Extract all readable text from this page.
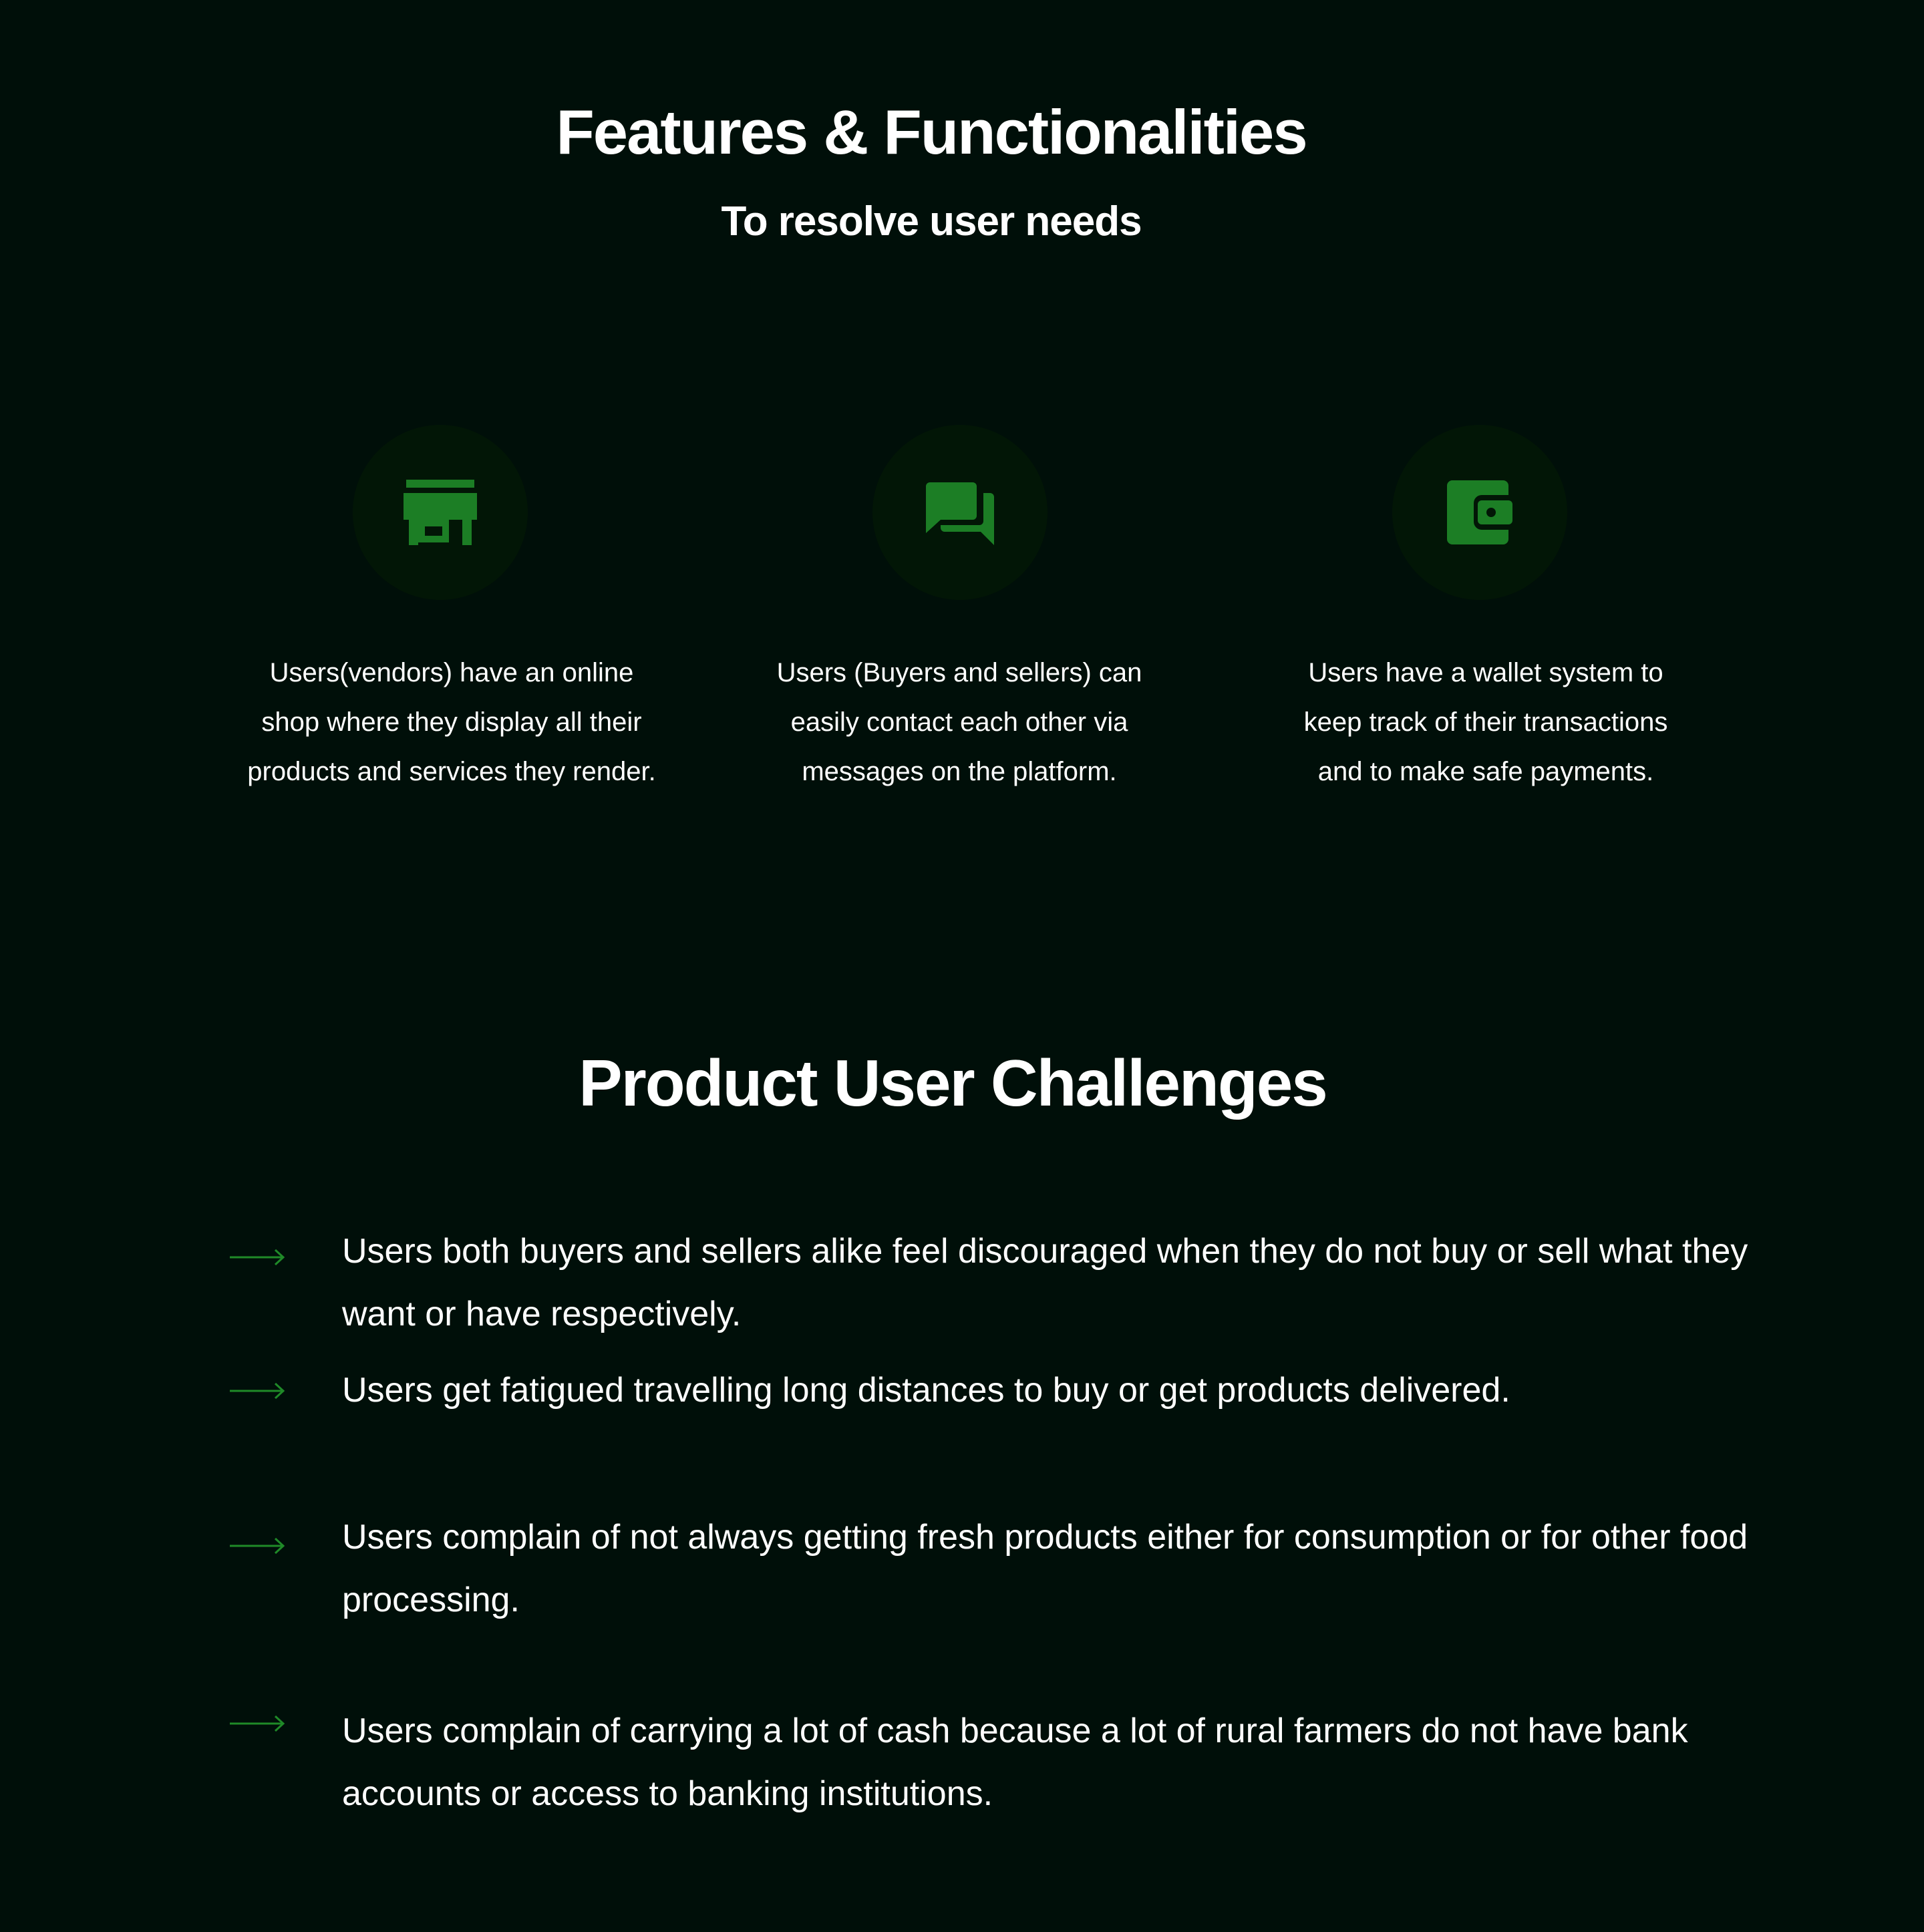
Features & Functionalities
To resolve user needs
Users(vendors) have an online shop where they display all their products and services they render.
Users (Buyers and sellers) can easily contact each other via messages on the platform.
Users have a wallet system to keep track of their transactions and to make safe payments.
Product User Challenges
Users both buyers and sellers alike feel discouraged when they do not buy or sell what they want or have respectively.
Users get fatigued travelling long distances to buy or get products delivered.
Users complain of not always getting fresh products either for consumption or for other food processing.
Users complain of carrying a lot of cash because a lot of rural farmers do not have bank accounts or access to banking institutions.
